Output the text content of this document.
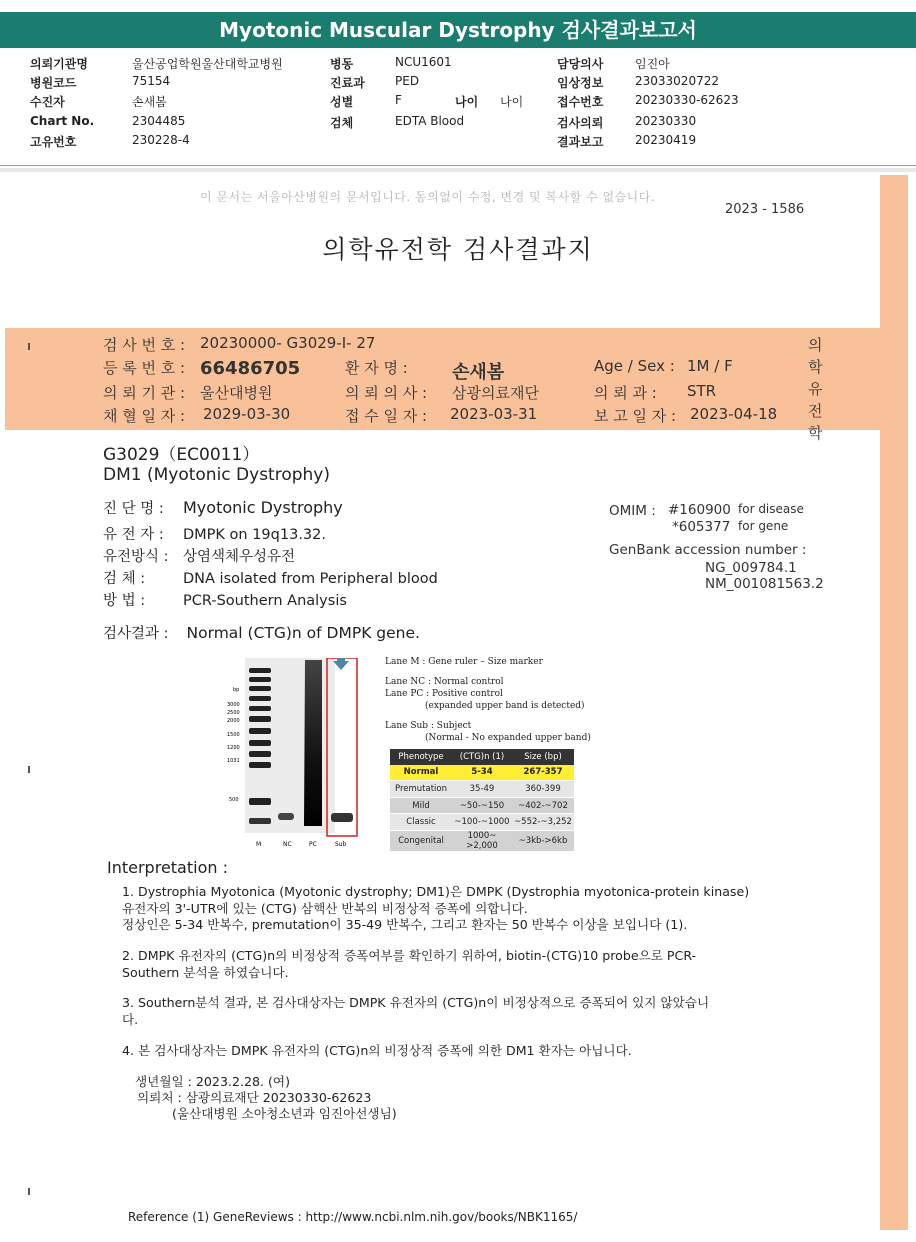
Myotonic Muscular Dystrophy 검사결과보고서
의뢰기관명	울산공업학원울산대학교병원	병동	NCU1601	담당의사	임진아
병원코드	75154	진료과	PED	임상정보	23033020722
수진자	손새봄	성별	F	나이 나이	접수번호	20230330-62623
Chart No.	2304485	검체	EDTA Blood	검사의뢰	20230330
고유번호	230228-4	결과보고	20230419
이 문서는 서울아산병원의 문서입니다. 동의없이 수정, 변경 및 복사할 수 없습니다.
2023 - 1586
의학유전학 검사결과지
검 사 번 호 : 20230000- G3029-I- 27
등 록 번 호 : 66486705	환 자 명 : 손새봄	Age / Sex : 1M / F
의 뢰 기 관 : 울산대병원	의 뢰 의 사 : 삼광의료재단	의 뢰 과 : STR
채 혈 일 자 : 2029-03-30	접 수 일 자 : 2023-03-31	보 고 일 자 : 2023-04-18
의
학
유
전
학
G3029（EC0011）
DM1 (Myotonic Dystrophy)
진 단 명 : Myotonic Dystrophy
유 전 자 : DMPK on 19q13.32.
유전방식 : 상염색체우성유전
검 체 :	DNA isolated from Peripheral blood
방 법 :	PCR-Southern Analysis
OMIM : #160900 for disease
*605377 for gene
GenBank accession number :
NG_009784.1
NM_001081563.2
검사결과 : Normal (CTG)n of DMPK gene.
bp
3000
2500
2000
1500
1200
1031
500
M	NC	PC	Sub
Lane M : Gene ruler – Size marker
Lane NC : Normal control
Lane PC : Positive control
(expanded upper band is detected)
Lane Sub : Subject
(Normal - No expanded upper band)
Phenotype	(CTG)n (1)	Size (bp)
Normal	5-34	267-357
Premutation	35-49	360-399
Mild	~50-~150	~402-~702
Classic	~100-~1000	~552-~3,252
Congenital	1000~ >2,000	~3kb->6kb
Interpretation :
1. Dystrophia Myotonica (Myotonic dystrophy; DM1)은 DMPK (Dystrophia myotonica-protein kinase)
유전자의 3'-UTR에 있는 (CTG) 삼핵산 반복의 비정상적 증폭에 의합니다.
정상인은 5-34 반복수, premutation이 35-49 반복수, 그리고 환자는 50 반복수 이상을 보입니다 (1).
2. DMPK 유전자의 (CTG)n의 비정상적 증폭여부를 확인하기 위하여, biotin-(CTG)10 probe으로 PCR-
Southern 분석을 하였습니다.
3. Southern분석 결과, 본 검사대상자는 DMPK 유전자의 (CTG)n이 비정상적으로 증폭되어 있지 않았습니
다.
4. 본 검사대상자는 DMPK 유전자의 (CTG)n의 비정상적 증폭에 의한 DM1 환자는 아닙니다.
생년월일 : 2023.2.28. (여)
의뢰처 : 삼광의료재단 20230330-62623
(울산대병원 소아청소년과 임진아선생님)
Reference (1) GeneReviews : http://www.ncbi.nlm.nih.gov/books/NBK1165/
